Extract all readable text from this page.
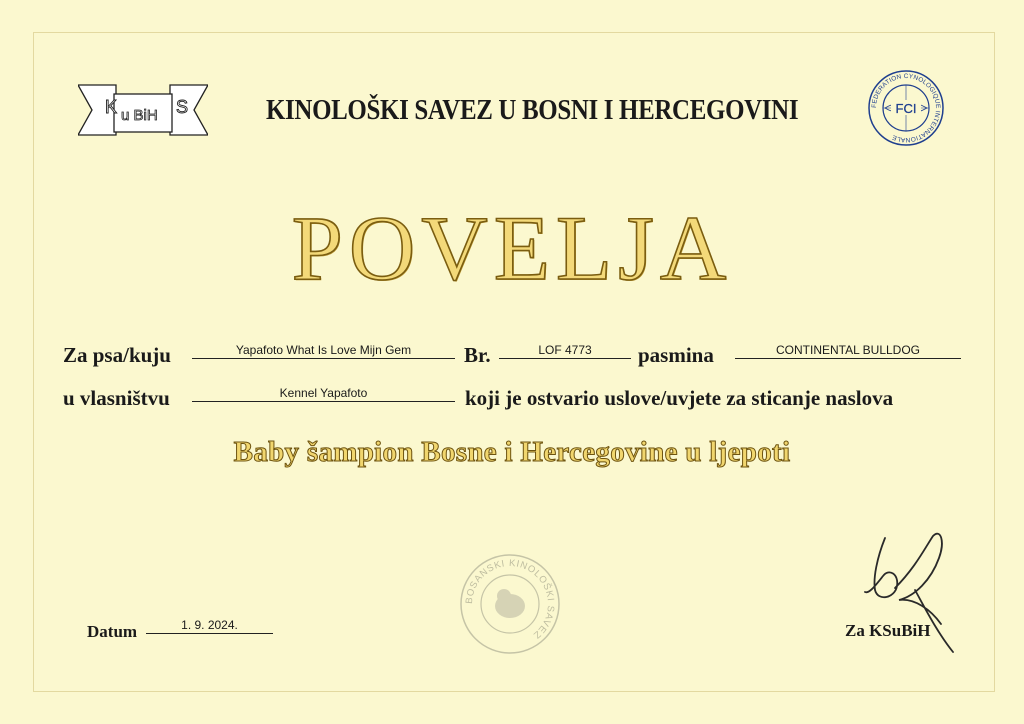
K u BiH S	KINOLOŠKI SAVEZ U BOSNI I HERCEGOVINI	FCI
FEDERATION CYNOLOGIQUE INTERNATIONALE
POVELJA
Za psa/kuju	Yapafoto What Is Love Mijn Gem	Br.	LOF 4773	pasmina	CONTINENTAL BULLDOG
u vlasništvu	Kennel Yapafoto	koji je ostvario uslove/uvjete za sticanje naslova
Baby šampion Bosne i Hercegovine u ljepoti
BOSANSKI KINOLOŠKI SAVEZ	Za KSuBiH
Datum	1. 9. 2024.
